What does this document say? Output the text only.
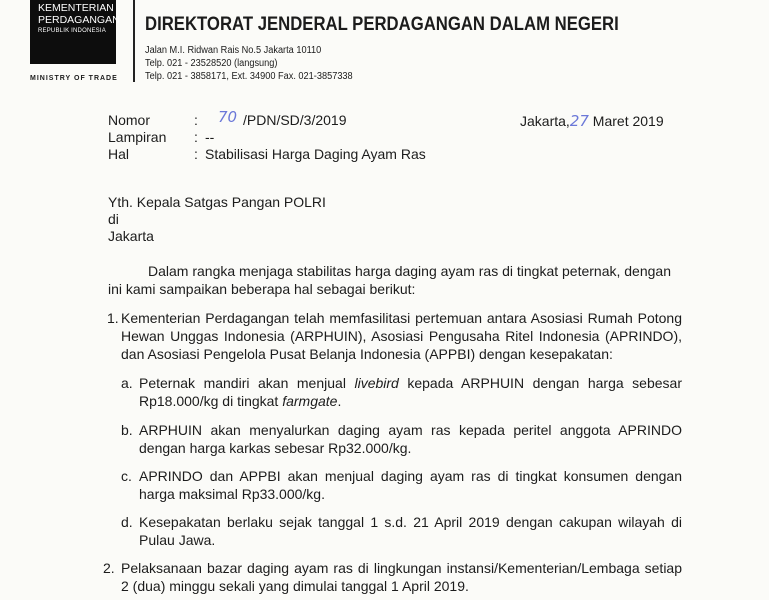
KEMENTERIAN
PERDAGANGAN
REPUBLIK INDONESIA
MINISTRY OF TRADE
DIREKTORAT JENDERAL PERDAGANGAN DALAM NEGERI
Jalan M.I. Ridwan Rais No.5 Jakarta 10110
Telp. 021 - 23528520 (langsung)
Telp. 021 - 3858171, Ext. 34900 Fax. 021-3857338
Nomor	: 70 /PDN/SD/3/2019
Lampiran : --
Hal	: Stabilisasi Harga Daging Ayam Ras
Jakarta,27 Maret 2019
Yth. Kepala Satgas Pangan POLRI
di
Jakarta
Dalam rangka menjaga stabilitas harga daging ayam ras di tingkat peternak, dengan
ini kami sampaikan beberapa hal sebagai berikut:
1. Kementerian Perdagangan telah memfasilitasi pertemuan antara Asosiasi Rumah Potong
Hewan Unggas Indonesia (ARPHUIN), Asosiasi Pengusaha Ritel Indonesia (APRINDO),
dan Asosiasi Pengelola Pusat Belanja Indonesia (APPBI) dengan kesepakatan:
a. Peternak mandiri akan menjual livebird kepada ARPHUIN dengan harga sebesar
Rp18.000/kg di tingkat farmgate.
b. ARPHUIN akan menyalurkan daging ayam ras kepada peritel anggota APRINDO
dengan harga karkas sebesar Rp32.000/kg.
c. APRINDO dan APPBI akan menjual daging ayam ras di tingkat konsumen dengan
harga maksimal Rp33.000/kg.
d. Kesepakatan berlaku sejak tanggal 1 s.d. 21 April 2019 dengan cakupan wilayah di
Pulau Jawa.
2. Pelaksanaan bazar daging ayam ras di lingkungan instansi/Kementerian/Lembaga setiap
2 (dua) minggu sekali yang dimulai tanggal 1 April 2019.
